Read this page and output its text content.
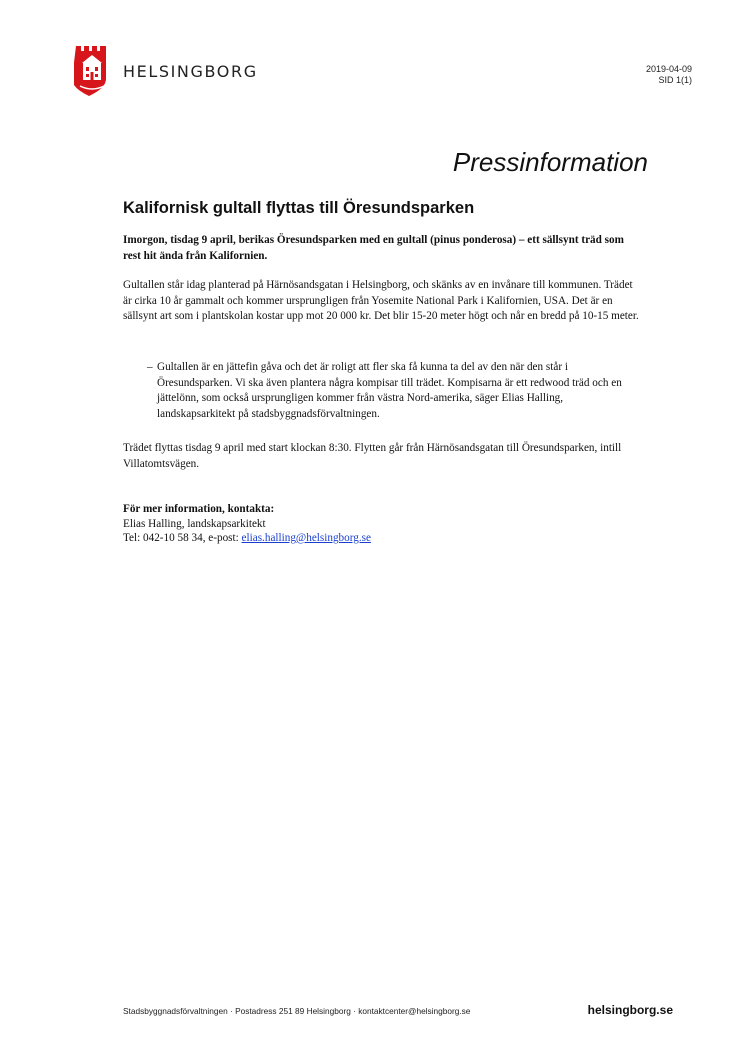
HELSINGBORG	2019-04-09
SID 1(1)
Pressinformation
Kalifornisk gultall flyttas till Öresundsparken
Imorgon, tisdag 9 april, berikas Öresundsparken med en gultall (pinus ponderosa) – ett sällsynt träd som rest hit ända från Kalifornien.
Gultallen står idag planterad på Härnösandsgatan i Helsingborg, och skänks av en invånare till kommunen. Trädet är cirka 10 år gammalt och kommer ursprungligen från Yosemite National Park i Kalifornien, USA. Det är en sällsynt art som i plantskolan kostar upp mot 20 000 kr. Det blir 15-20 meter högt och når en bredd på 10-15 meter.
– Gultallen är en jättefin gåva och det är roligt att fler ska få kunna ta del av den när den står i Öresundsparken. Vi ska även plantera några kompisar till trädet. Kompisarna är ett redwood träd och en jättelönn, som också ursprungligen kommer från västra Nord-amerika, säger Elias Halling, landskapsarkitekt på stadsbyggnadsförvaltningen.
Trädet flyttas tisdag 9 april med start klockan 8:30. Flytten går från Härnösandsgatan till Öresundsparken, intill Villatomtsvägen.
För mer information, kontakta:
Elias Halling, landskapsarkitekt
Tel: 042-10 58 34, e-post: elias.halling@helsingborg.se
Stadsbyggnadsförvaltningen · Postadress 251 89 Helsingborg · kontaktcenter@helsingborg.se	helsingborg.se
